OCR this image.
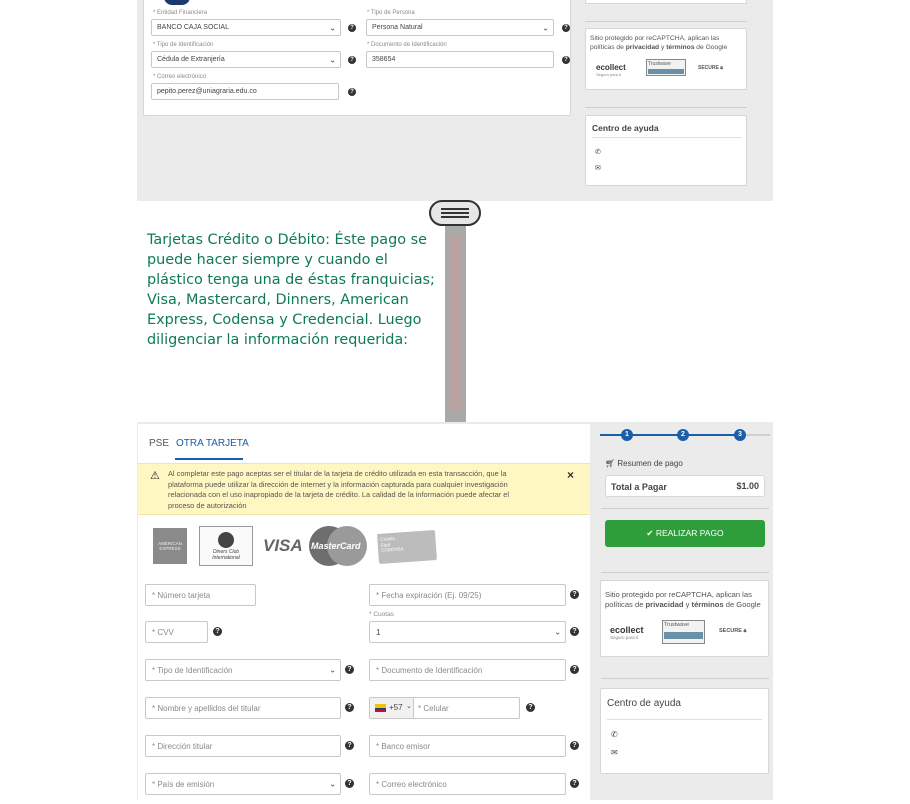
* Entidad Financiera
BANCO CAJA SOCIAL	⌄	?
* Tipo de Persona
Persona Natural	⌄	?
* Tipo de Identificación
Cédula de Extranjería	⌄	?
* Documento de Identificación
358654	?
* Correo electrónico
pepito.perez@uniagraria.edu.co	?
Sitio protegido por reCAPTCHA, aplican las
políticas de privacidad y términos de Google
ecollect
Seguro para ti
Trustwave
SECURE 🔒︎
Centro de ayuda
✆
✉
Tarjetas Crédito o Débito: Éste pago se puede hacer siempre y cuando el plástico tenga una de éstas franquicias; Visa, Mastercard, Dinners, American Express, Codensa y Credencial. Luego diligenciar la información requerida:
PSE OTRA TARJETA
⚠ Al completar este pago aceptas ser el titular de la tarjeta de crédito utilizada en esta transacción, que la plataforma puede utilizar la dirección de internet y la información capturada para cualquier investigación relacionada con el uso inapropiado de la tarjeta de crédito. La calidad de la información puede afectar el proceso de autorización
×
AMERICAN EXPRESS
Diners Club International
VISA MasterCard
Crédito Fácil CODENSA
* Número tarjeta	* Fecha expiración (Ej. 09/25)	?
* Cuotas
* CVV	?	1	⌄	?
* Tipo de Identificación	⌄	?	* Documento de Identificación	?
* Nombre y apellidos del titular	?	+57 ⌄ * Celular	?
* Dirección titular	?	* Banco emisor	?
* País de emisión	⌄	?	* Correo electrónico	?
1	2	3
🛒︎ Resumen de pago
Total a Pagar	$1.00
✔ REALIZAR PAGO
Sitio protegido por reCAPTCHA, aplican las
políticas de privacidad y términos de Google
ecollect
Seguro para ti
Trustwave
SECURE 🔒︎
Centro de ayuda
✆
✉
